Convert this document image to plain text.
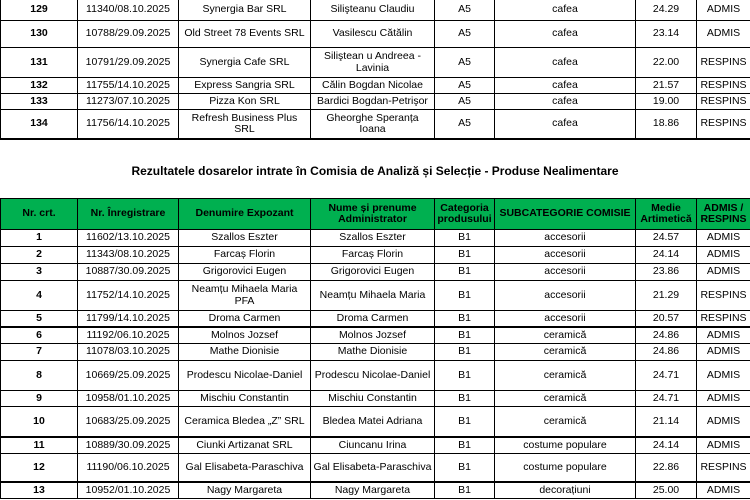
129	11340/08.10.2025	Synergia Bar SRL	Silişteanu Claudiu	A5	cafea	24.29	ADMIS
130	10788/29.09.2025	Old Street 78 Events SRL	Vasilescu Cătălin	A5	cafea	23.14	ADMIS
131	10791/29.09.2025	Synergia Cafe SRL	Siliştean u Andreea - Lavinia	A5	cafea	22.00	RESPINS
132	11755/14.10.2025	Express Sangria SRL	Călin Bogdan Nicolae	A5	cafea	21.57	RESPINS
133	11273/07.10.2025	Pizza Kon SRL	Bardici Bogdan-Petrişor	A5	cafea	19.00	RESPINS
134	11756/14.10.2025	Refresh Business Plus SRL	Gheorghe Speranța Ioana	A5	cafea	18.86	RESPINS
Rezultatele dosarelor intrate în Comisia de Analiză și Selecție - Produse Nealimentare
Nr. crt.	Nr. Înregistrare	Denumire Expozant	Nume și prenume Administrator	Categoria produsului	SUBCATEGORIE COMISIE	Medie Artimetică	ADMIS / RESPINS
1	11602/13.10.2025	Szallos Eszter	Szallos Eszter	B1	accesorii	24.57	ADMIS
2	11343/08.10.2025	Farcaș Florin	Farcaș Florin	B1	accesorii	24.14	ADMIS
3	10887/30.09.2025	Grigorovici Eugen	Grigorovici Eugen	B1	accesorii	23.86	ADMIS
4	11752/14.10.2025	Neamțu Mihaela Maria PFA	Neamțu Mihaela Maria	B1	accesorii	21.29	RESPINS
5	11799/14.10.2025	Droma Carmen	Droma Carmen	B1	accesorii	20.57	RESPINS
6	11192/06.10.2025	Molnos Jozsef	Molnos Jozsef	B1	ceramică	24.86	ADMIS
7	11078/03.10.2025	Mathe Dionisie	Mathe Dionisie	B1	ceramică	24.86	ADMIS
8	10669/25.09.2025	Prodescu Nicolae-Daniel	Prodescu Nicolae-Daniel	B1	ceramică	24.71	ADMIS
9	10958/01.10.2025	Mischiu Constantin	Mischiu Constantin	B1	ceramică	24.71	ADMIS
10	10683/25.09.2025	Ceramica Bledea „Z” SRL	Bledea Matei Adriana	B1	ceramică	21.14	ADMIS
11	10889/30.09.2025	Ciunki Artizanat SRL	Ciuncanu Irina	B1	costume populare	24.14	ADMIS
12	11190/06.10.2025	Gal Elisabeta-Paraschiva	Gal Elisabeta-Paraschiva	B1	costume populare	22.86	RESPINS
13	10952/01.10.2025	Nagy Margareta	Nagy Margareta	B1	decorațiuni	25.00	ADMIS
